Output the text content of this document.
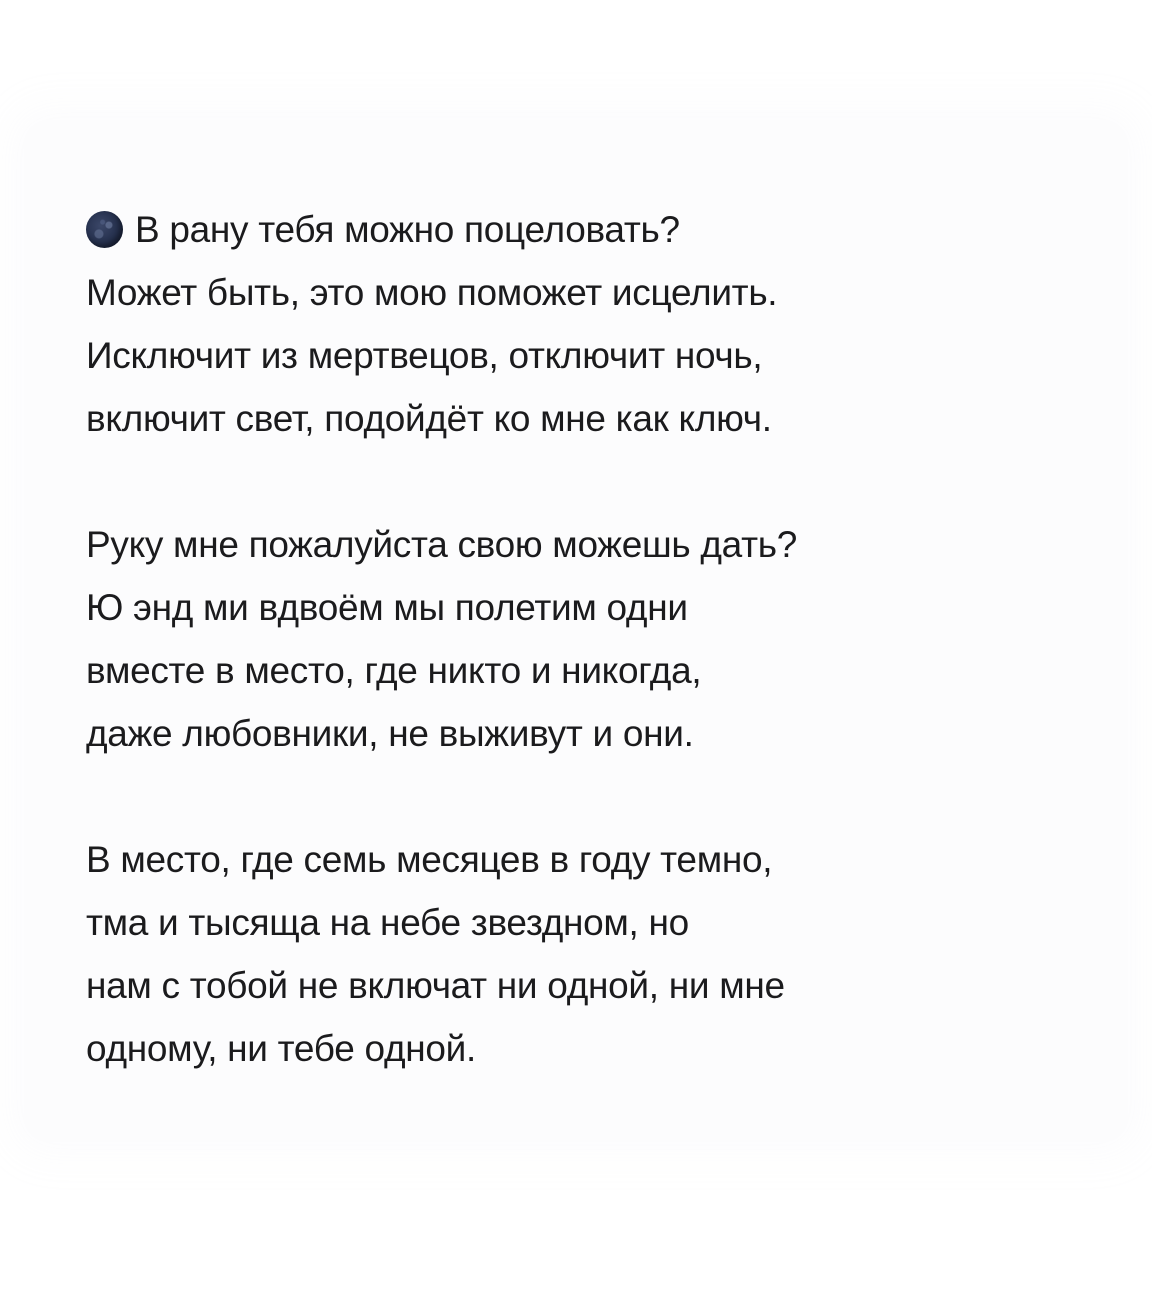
В рану тебя можно поцеловать?
Может быть, это мою поможет исцелить.
Исключит из мертвецов, отключит ночь,
включит свет, подойдёт ко мне как ключ.
Руку мне пожалуйста свою можешь дать?
Ю энд ми вдвоём мы полетим одни
вместе в место, где никто и никогда,
даже любовники, не выживут и они.
В место, где семь месяцев в году темно,
тма и тысяща на небе звездном, но
нам с тобой не включат ни одной, ни мне
одному, ни тебе одной.
